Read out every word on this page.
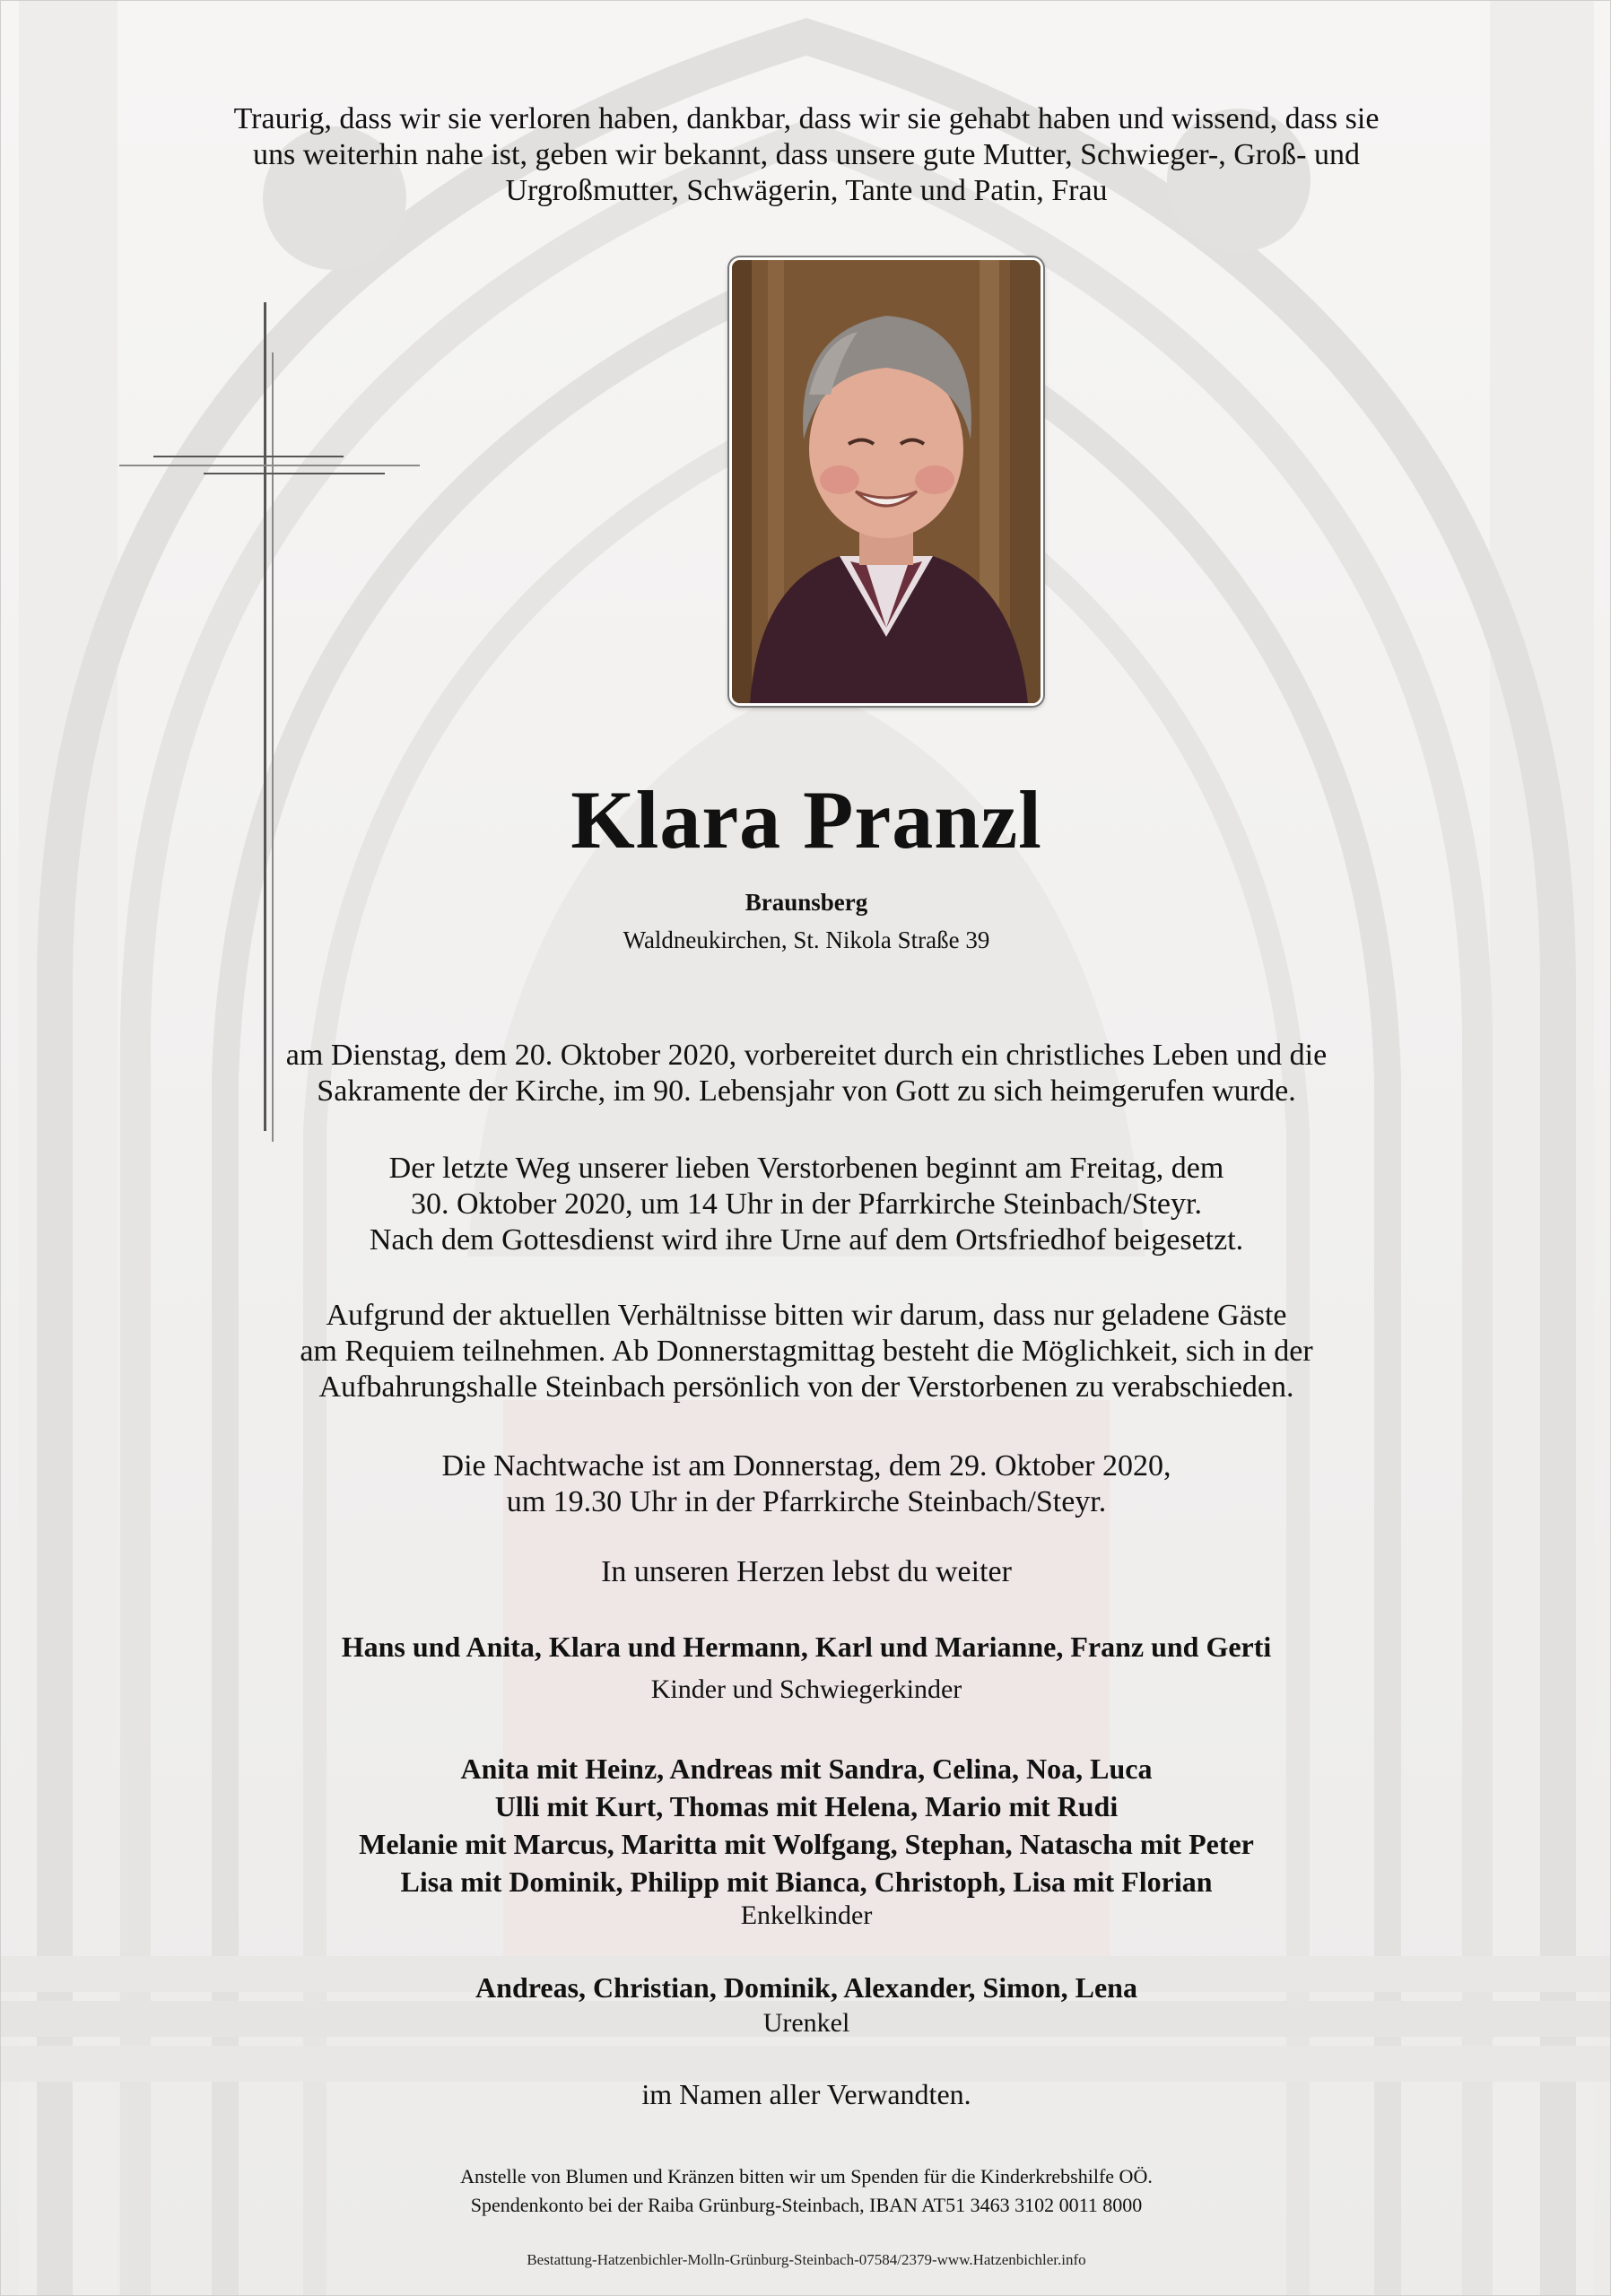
Traurig, dass wir sie verloren haben, dankbar, dass wir sie gehabt haben und wissend, dass sie
uns weiterhin nahe ist, geben wir bekannt, dass unsere gute Mutter, Schwieger-, Groß- und
Urgroßmutter, Schwägerin, Tante und Patin, Frau
Klara Pranzl
Braunsberg
Waldneukirchen, St. Nikola Straße 39
am Dienstag, dem 20. Oktober 2020, vorbereitet durch ein christliches Leben und die
Sakramente der Kirche, im 90. Lebensjahr von Gott zu sich heimgerufen wurde.
Der letzte Weg unserer lieben Verstorbenen beginnt am Freitag, dem
30. Oktober 2020, um 14 Uhr in der Pfarrkirche Steinbach/Steyr.
Nach dem Gottesdienst wird ihre Urne auf dem Ortsfriedhof beigesetzt.
Aufgrund der aktuellen Verhältnisse bitten wir darum, dass nur geladene Gäste
am Requiem teilnehmen. Ab Donnerstagmittag besteht die Möglichkeit, sich in der
Aufbahrungshalle Steinbach persönlich von der Verstorbenen zu verabschieden.
Die Nachtwache ist am Donnerstag, dem 29. Oktober 2020,
um 19.30 Uhr in der Pfarrkirche Steinbach/Steyr.
In unseren Herzen lebst du weiter
Hans und Anita, Klara und Hermann, Karl und Marianne, Franz und Gerti
Kinder und Schwiegerkinder
Anita mit Heinz, Andreas mit Sandra, Celina, Noa, Luca
Ulli mit Kurt, Thomas mit Helena, Mario mit Rudi
Melanie mit Marcus, Maritta mit Wolfgang, Stephan, Natascha mit Peter
Lisa mit Dominik, Philipp mit Bianca, Christoph, Lisa mit Florian
Enkelkinder
Andreas, Christian, Dominik, Alexander, Simon, Lena
Urenkel
im Namen aller Verwandten.
Anstelle von Blumen und Kränzen bitten wir um Spenden für die Kinderkrebshilfe OÖ.
Spendenkonto bei der Raiba Grünburg-Steinbach, IBAN AT51 3463 3102 0011 8000
Bestattung-Hatzenbichler-Molln-Grünburg-Steinbach-07584/2379-www.Hatzenbichler.info
